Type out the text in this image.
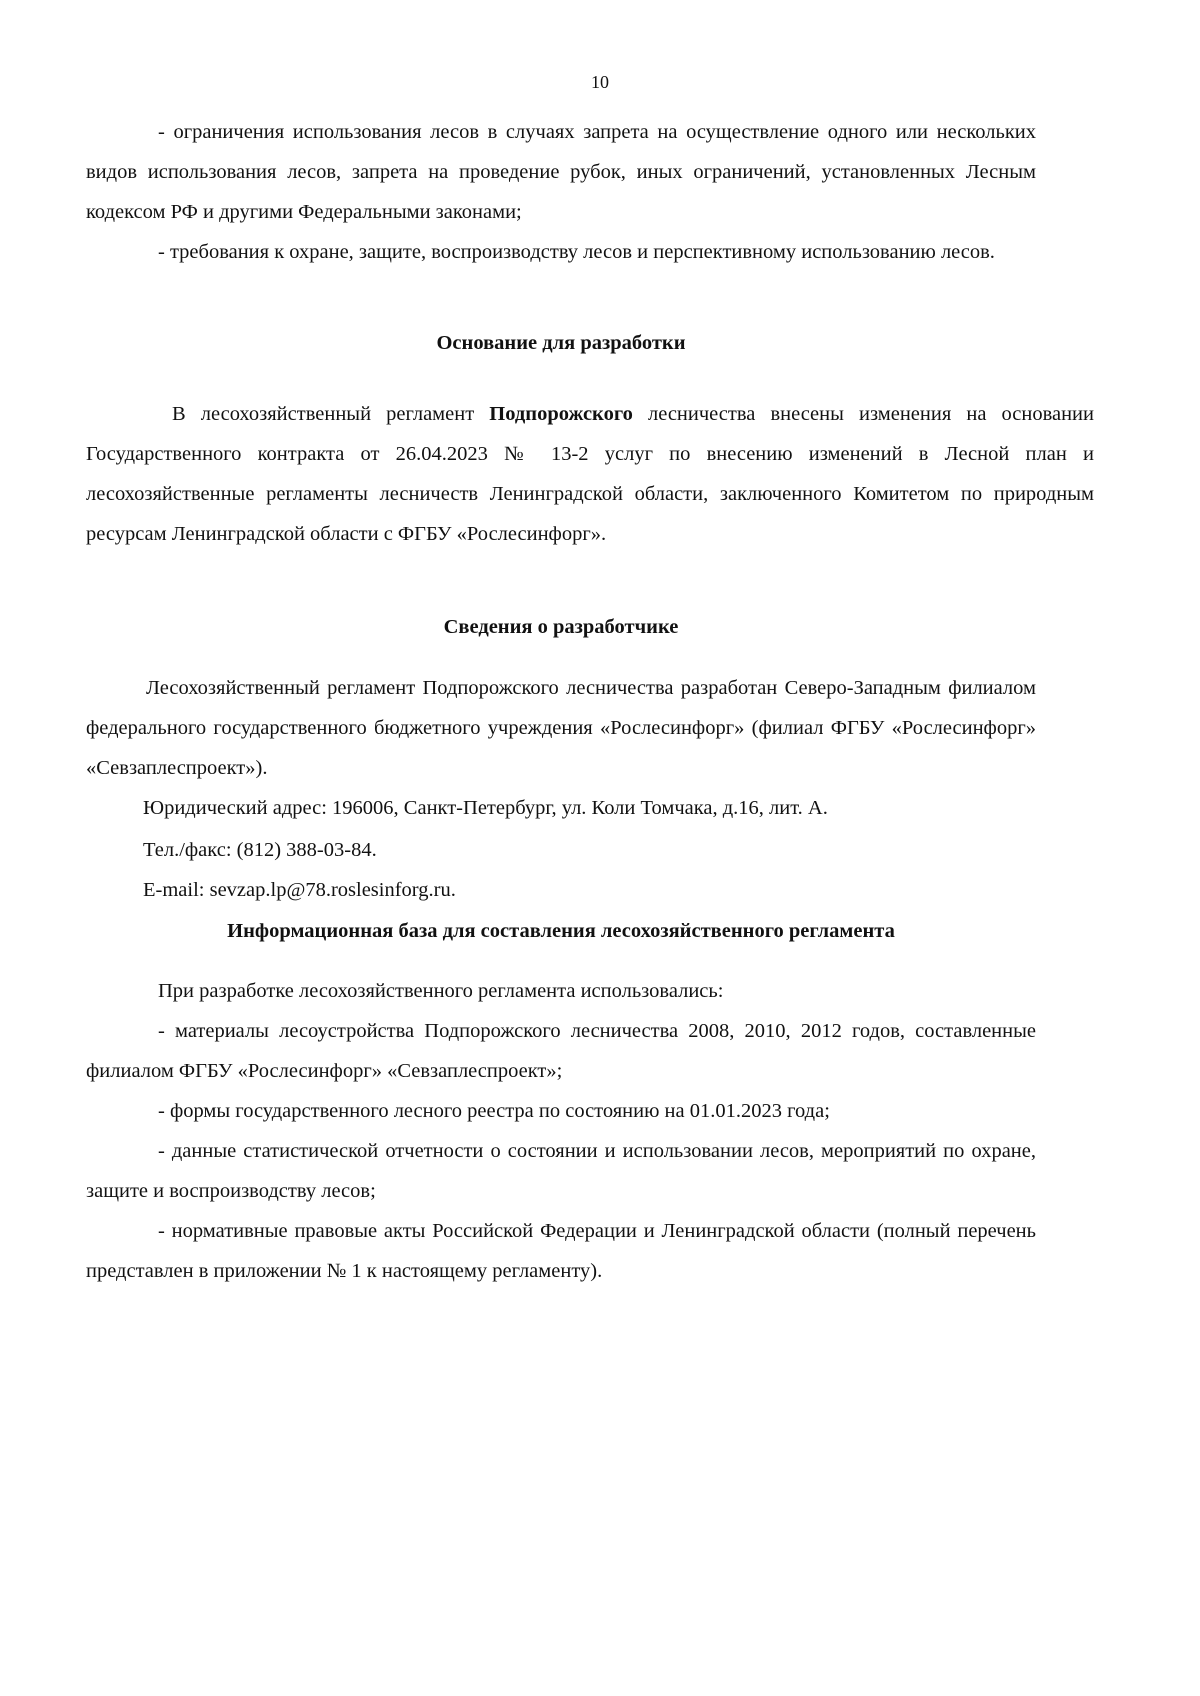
10

- ограничения использования лесов в случаях запрета на осуществление одного или нескольких видов использования лесов, запрета на проведение рубок, иных ограничений, установленных Лесным кодексом РФ и другими Федеральными законами;

- требования к охране, защите, воспроизводству лесов и перспективному использованию лесов.

Основание для разработки

В лесохозяйственный регламент Подпорожского лесничества внесены изменения на основании Государственного контракта от 26.04.2023 № 13-2 услуг по внесению изменений в Лесной план и лесохозяйственные регламенты лесничеств Ленинградской области, заключенного Комитетом по природным ресурсам Ленинградской области с ФГБУ «Рослесинфорг».

Сведения о разработчике

Лесохозяйственный регламент Подпорожского лесничества разработан Северо-Западным филиалом федерального государственного бюджетного учреждения «Рослесинфорг» (филиал ФГБУ «Рослесинфорг» «Севзаплеспроект»).

Юридический адрес: 196006, Санкт-Петербург, ул. Коли Томчака, д.16, лит. А.

Тел./факс: (812) 388-03-84.

E-mail: sevzap.lp@78.roslesinforg.ru.

Информационная база для составления лесохозяйственного регламента

При разработке лесохозяйственного регламента использовались:

- материалы лесоустройства Подпорожского лесничества 2008, 2010, 2012 годов, составленные филиалом ФГБУ «Рослесинфорг» «Севзаплеспроект»;

- формы государственного лесного реестра по состоянию на 01.01.2023 года;

- данные статистической отчетности о состоянии и использовании лесов, мероприятий по охране, защите и воспроизводству лесов;

- нормативные правовые акты Российской Федерации и Ленинградской области (полный перечень представлен в приложении № 1 к настоящему регламенту).
